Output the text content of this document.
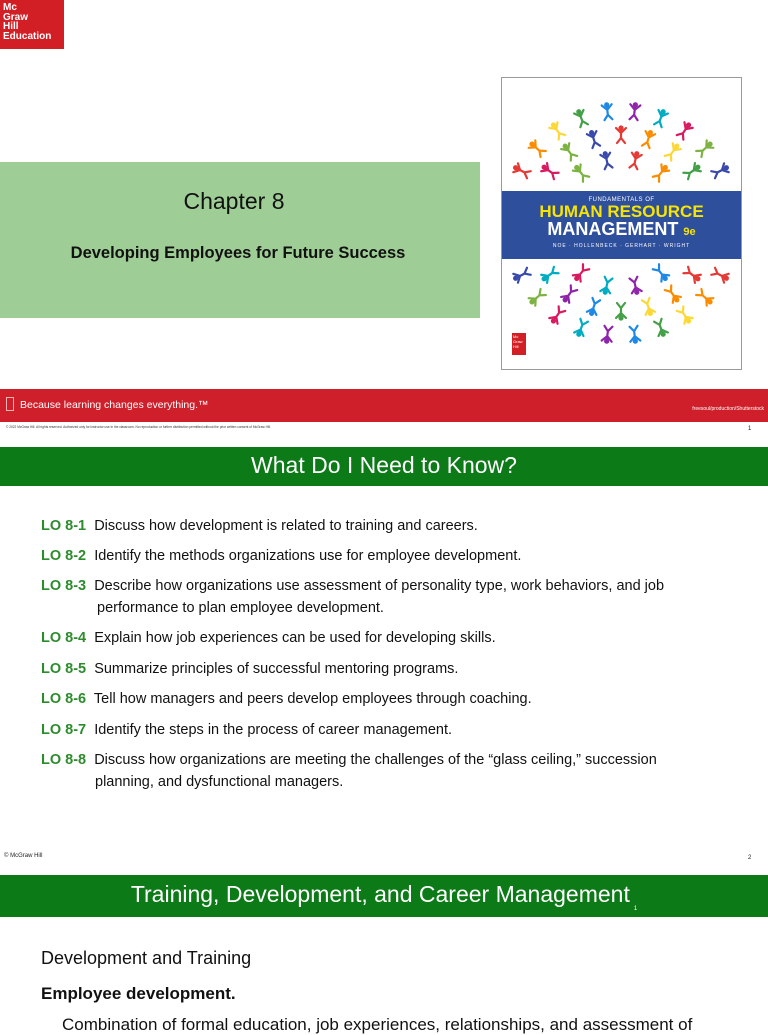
Mc
Graw
Hill
Education
Chapter 8
Developing Employees for Future Success
FUNDAMENTALS OF
HUMAN RESOURCE
MANAGEMENT 9e
NOE · HOLLENBECK · GERHART · WRIGHT
Mc
Graw
Hill
Because learning changes everything.™	freesoul/production/Shutterstock
© 2022 McGraw Hill. All rights reserved. Authorized only for instructor use in the classroom. No reproduction or further distribution permitted without the prior written consent of McGraw Hill.	1
What Do I Need to Know?
LO 8-1 Discuss how development is related to training and careers.
LO 8-2 Identify the methods organizations use for employee development.
LO 8-3 Describe how organizations use assessment of personality type, work behaviors, and job
performance to plan employee development.
LO 8-4 Explain how job experiences can be used for developing skills.
LO 8-5 Summarize principles of successful mentoring programs.
LO 8-6 Tell how managers and peers develop employees through coaching.
LO 8-7 Identify the steps in the process of career management.
LO 8-8 Discuss how organizations are meeting the challenges of the “glass ceiling,” succession
planning, and dysfunctional managers.
© McGraw Hill	2
Training, Development, and Career Management$_1$
Development and Training
Employee development.
Combination of formal education, job experiences, relationships, and assessment of
